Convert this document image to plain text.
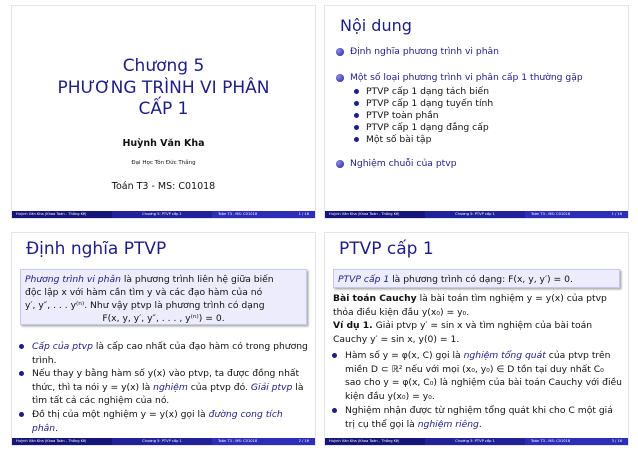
Chương 5
PHƯƠNG TRÌNH VI PHÂN
CẤP 1
Huỳnh Văn Kha
Đại Học Tôn Đức Thắng
Toán T3 - MS: C01018
Huỳnh Văn Kha (Khoa Toán - Thống Kê)	Chương 5: PTVP cấp 1	Toán T3 - MS: C01018	1 / 16
Nội dung
Định nghĩa phương trình vi phân
Một số loại phương trình vi phân cấp 1 thường gặp
PTVP cấp 1 dạng tách biến
PTVP cấp 1 dạng tuyến tính
PTVP toàn phần
PTVP cấp 1 dạng đẳng cấp
Một số bài tập
Nghiệm chuỗi của ptvp
Huỳnh Văn Kha (Khoa Toán - Thống Kê)	Chương 5: PTVP cấp 1	Toán T3 - MS: C01018	1 / 16
Định nghĩa PTVP
Phương trình vi phân là phương trình liên hệ giữa biến
độc lập x với hàm cần tìm y và các đạo hàm của nó
y′, y″, . . . y⁽ⁿ⁾. Như vậy ptvp là phương trình có dạng
F(x, y, y′, y″, . . . , y⁽ⁿ⁾) = 0.
Cấp của ptvp là cấp cao nhất của đạo hàm có trong phương trình.
Nếu thay y bằng hàm số y(x) vào ptvp, ta được đồng nhất thức, thì ta nói y = y(x) là nghiệm của ptvp đó. Giải ptvp là tìm tất cả các nghiệm của nó.
Đồ thị của một nghiệm y = y(x) gọi là đường cong tích phân.
Huỳnh Văn Kha (Khoa Toán - Thống Kê)	Chương 5: PTVP cấp 1	Toán T3 - MS: C01018	2 / 16
PTVP cấp 1
PTVP cấp 1 là phương trình có dạng: F(x, y, y′) = 0.
Bài toán Cauchy là bài toán tìm nghiệm y = y(x) của ptvp thỏa điều kiện đầu y(x₀) = y₀.
Ví dụ 1. Giải ptvp y′ = sin x và tìm nghiệm của bài toán Cauchy y′ = sin x, y(0) = 1.
Hàm số y = φ(x, C) gọi là nghiệm tổng quát của ptvp trên miền D ⊂ ℝ² nếu với mọi (x₀, y₀) ∈ D tồn tại duy nhất C₀ sao cho y = φ(x, C₀) là nghiệm của bài toán Cauchy với điều kiện đầu y(x₀) = y₀.
Nghiệm nhận được từ nghiệm tổng quát khi cho C một giá trị cụ thể gọi là nghiệm riêng.
Huỳnh Văn Kha (Khoa Toán - Thống Kê)	Chương 5: PTVP cấp 1	Toán T3 - MS: C01018	3 / 16
